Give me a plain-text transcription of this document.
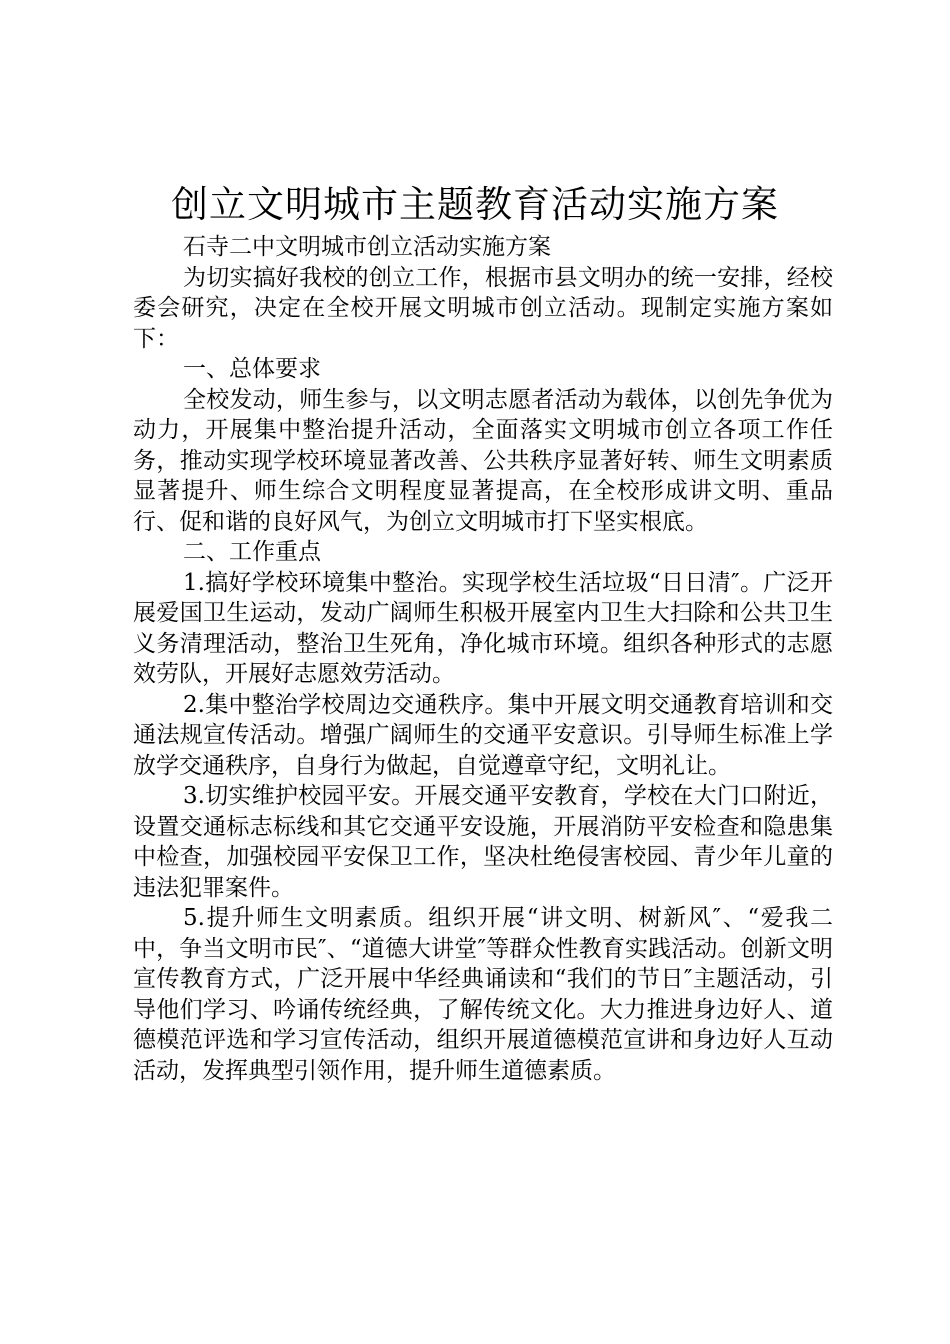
创立文明城市主题教育活动实施方案

石寺二中文明城市创立活动实施方案

为切实搞好我校的创立工作，根据市县文明办的统一安排，经校委会研究，决定在全校开展文明城市创立活动。现制定实施方案如下：

一、总体要求

全校发动，师生参与，以文明志愿者活动为载体，以创先争优为动力，开展集中整治提升活动，全面落实文明城市创立各项工作任务，推动实现学校环境显著改善、公共秩序显著好转、师生文明素质显著提升、师生综合文明程度显著提高，在全校形成讲文明、重品行、促和谐的良好风气，为创立文明城市打下坚实根底。

二、工作重点

1.搞好学校环境集中整治。实现学校生活垃圾“日日清″。广泛开展爱国卫生运动，发动广阔师生积极开展室内卫生大扫除和公共卫生义务清理活动，整治卫生死角，净化城市环境。组织各种形式的志愿效劳队，开展好志愿效劳活动。

2.集中整治学校周边交通秩序。集中开展文明交通教育培训和交通法规宣传活动。增强广阔师生的交通平安意识。引导师生标准上学放学交通秩序，自身行为做起，自觉遵章守纪，文明礼让。

3.切实维护校园平安。开展交通平安教育，学校在大门口附近，设置交通标志标线和其它交通平安设施，开展消防平安检查和隐患集中检查，加强校园平安保卫工作，坚决杜绝侵害校园、青少年儿童的违法犯罪案件。

5.提升师生文明素质。组织开展“讲文明、树新风″、“爱我二中，争当文明市民″、“道德大讲堂″等群众性教育实践活动。创新文明宣传教育方式，广泛开展中华经典诵读和“我们的节日″主题活动，引导他们学习、吟诵传统经典，了解传统文化。大力推进身边好人、道德模范评选和学习宣传活动，组织开展道德模范宣讲和身边好人互动活动，发挥典型引领作用，提升师生道德素质。
